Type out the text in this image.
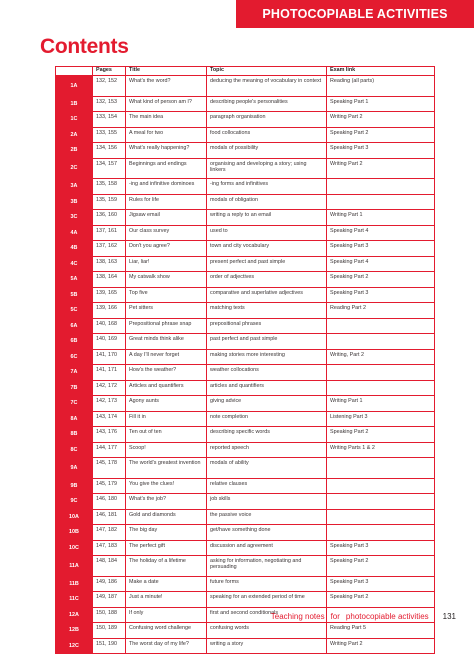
PHOTOCOPIABLE ACTIVITIES
Contents
	Pages	Title	Topic	Exam link
1A	132, 152	What's the word?	deducing the meaning of vocabulary in context	Reading (all parts)
1B	132, 153	What kind of person am I?	describing people's personalities	Speaking Part 1
1C	133, 154	The main idea	paragraph organisation	Writing Part 2
2A	133, 155	A meal for two	food collocations	Speaking Part 2
2B	134, 156	What's really happening?	modals of possibility	Speaking Part 3
2C	134, 157	Beginnings and endings	organising and developing a story; using linkers	Writing Part 2
3A	135, 158	-ing and infinitive dominoes	-ing forms and infinitives	
3B	135, 159	Rules for life	modals of obligation	
3C	136, 160	Jigsaw email	writing a reply to an email	Writing Part 1
4A	137, 161	Our class survey	used to	Speaking Part 4
4B	137, 162	Don't you agree?	town and city vocabulary	Speaking Part 3
4C	138, 163	Liar, liar!	present perfect and past simple	Speaking Part 4
5A	138, 164	My catwalk show	order of adjectives	Speaking Part 2
5B	139, 165	Top five	comparative and superlative adjectives	Speaking Part 3
5C	139, 166	Pet sitters	matching texts	Reading Part 2
6A	140, 168	Prepositional phrase snap	prepositional phrases	
6B	140, 169	Great minds think alike	past perfect and past simple	
6C	141, 170	A day I'll never forget	making stories more interesting	Writing, Part 2
7A	141, 171	How's the weather?	weather collocations	
7B	142, 172	Articles and quantifiers	articles and quantifiers	
7C	142, 173	Agony aunts	giving advice	Writing Part 1
8A	143, 174	Fill it in	note completion	Listening Part 3
8B	143, 176	Ten out of ten	describing specific words	Speaking Part 2
8C	144, 177	Scoop!	reported speech	Writing Parts 1 & 2
9A	145, 178	The world's greatest invention	modals of ability	
9B	145, 179	You give the clues!	relative clauses	
9C	146, 180	What's the job?	job skills	
10A	146, 181	Gold and diamonds	the passive voice	
10B	147, 182	The big day	get/have something done	
10C	147, 183	The perfect gift	discussion and agreement	Speaking Part 3
11A	148, 184	The holiday of a lifetime	asking for information, negotiating and persuading	Speaking Part 2
11B	149, 186	Make a date	future forms	Speaking Part 3
11C	149, 187	Just a minute!	speaking for an extended period of time	Speaking Part 2
12A	150, 188	If only	first and second conditionals	
12B	150, 189	Confusing word challenge	confusing words	Reading Part 5
12C	151, 190	The worst day of my life?	writing a story	Writing Part 2
Teaching notes for photocopiable activities 131
